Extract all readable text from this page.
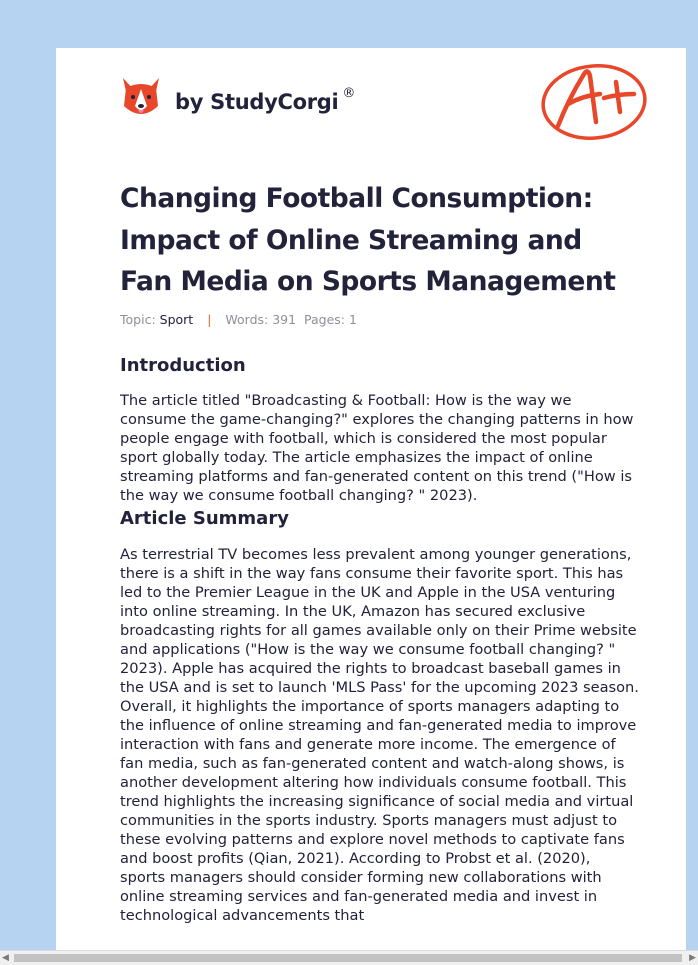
by StudyCorgi ®
Changing Football Consumption: Impact of Online Streaming and Fan Media on Sports Management
Topic: Sport | Words: 391 Pages: 1
Introduction

The article titled "Broadcasting & Football: How is the way we consume the game-changing?" explores the changing patterns in how people engage with football, which is considered the most popular sport globally today. The article emphasizes the impact of online streaming platforms and fan-generated content on this trend ("How is the way we consume football changing? " 2023).

Article Summary

As terrestrial TV becomes less prevalent among younger generations, there is a shift in the way fans consume their favorite sport. This has led to the Premier League in the UK and Apple in the USA venturing into online streaming. In the UK, Amazon has secured exclusive broadcasting rights for all games available only on their Prime website and applications ("How is the way we consume football changing? " 2023). Apple has acquired the rights to broadcast baseball games in the USA and is set to launch 'MLS Pass' for the upcoming 2023 season. Overall, it highlights the importance of sports managers adapting to the influence of online streaming and fan-generated media to improve interaction with fans and generate more income. The emergence of fan media, such as fan-generated content and watch-along shows, is another development altering how individuals consume football. This trend highlights the increasing significance of social media and virtual communities in the sports industry. Sports managers must adjust to these evolving patterns and explore novel methods to captivate fans and boost profits (Qian, 2021). According to Probst et al. (2020), sports managers should consider forming new collaborations with online streaming services and fan-generated media and invest in technological advancements that

◀	▶
